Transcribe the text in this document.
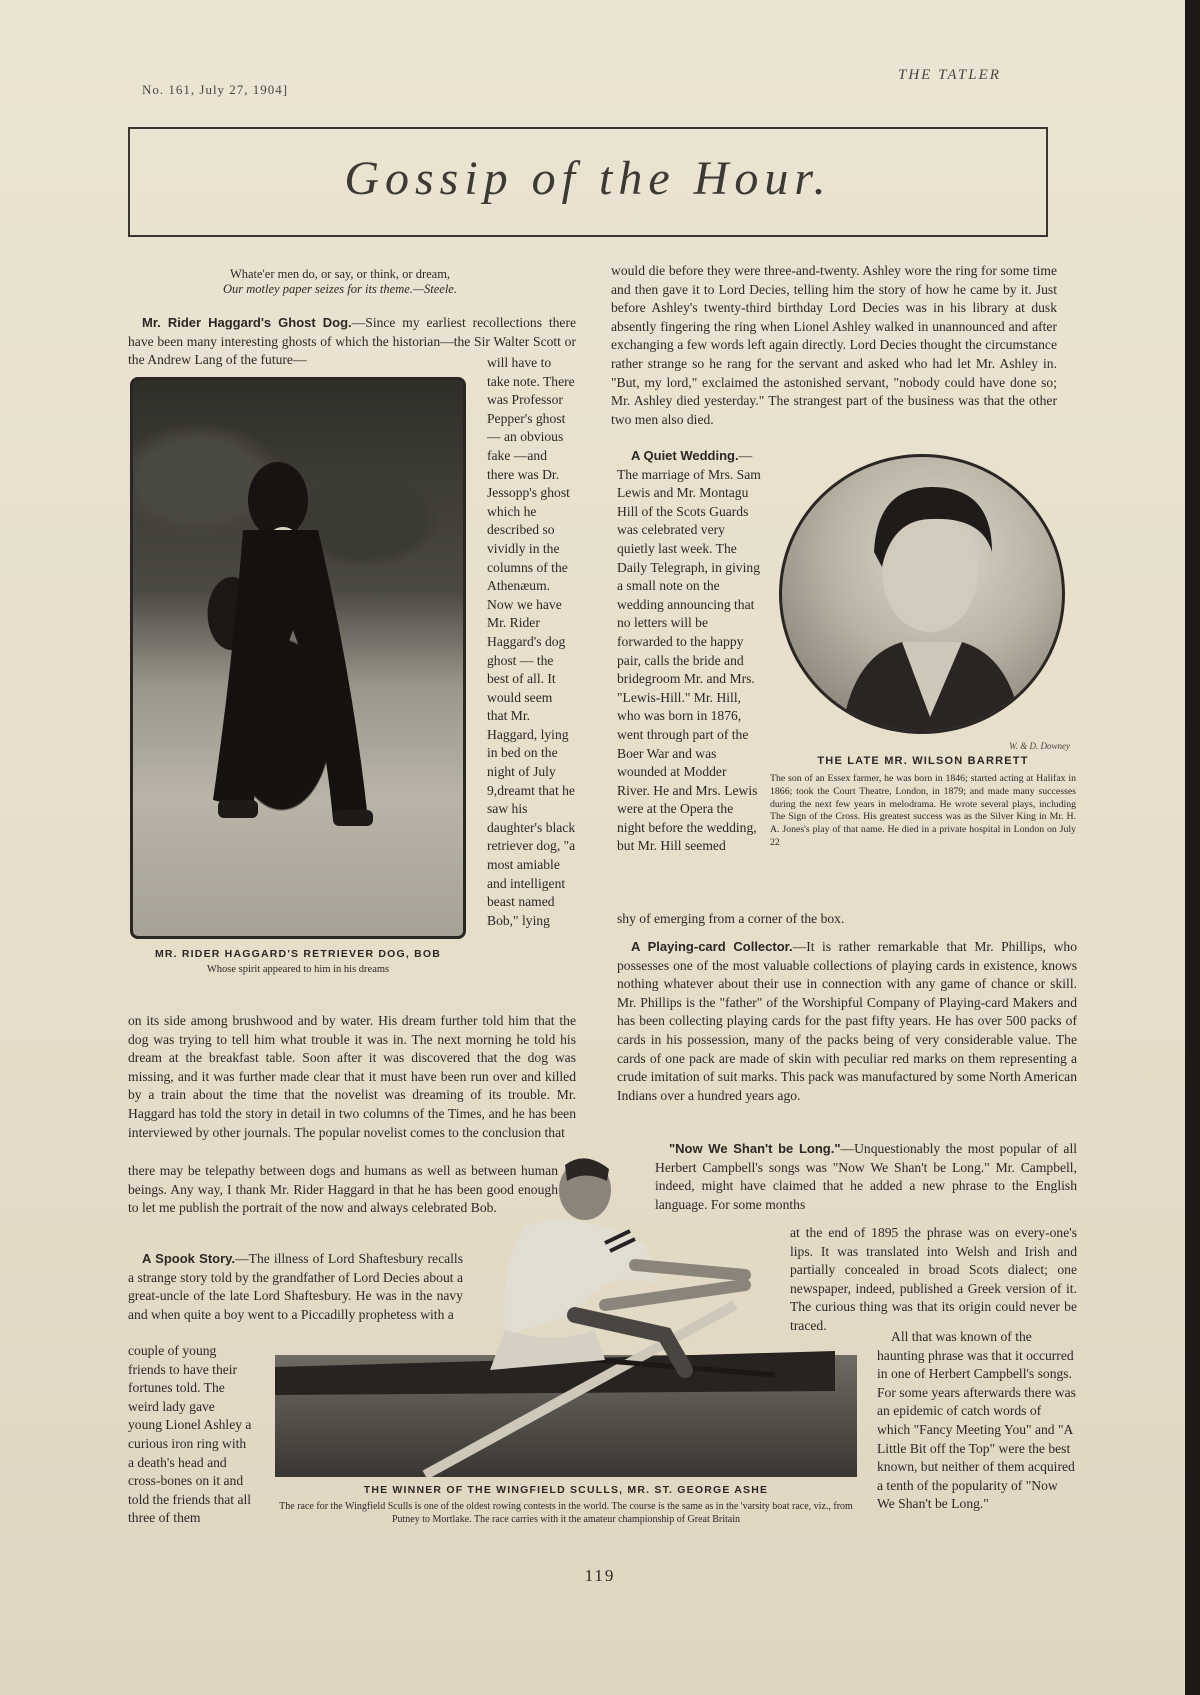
No. 161, July 27, 1904]
THE TATLER
Gossip of the Hour.
Whate'er men do, or say, or think, or dream,
Our motley paper seizes for its theme.—Steele.

Mr. Rider Haggard's Ghost Dog.—Since my earliest recollections there have been many interesting ghosts of which the historian—the Sir Walter Scott or the Andrew Lang of the future—

MR. RIDER HAGGARD'S RETRIEVER DOG, BOB
Whose spirit appeared to him in his dreams

will have to take note. There was Professor Pepper's ghost — an obvious fake —and there was Dr. Jessopp's ghost which he described so vividly in the columns of the Athenæum. Now we have Mr. Rider Haggard's dog ghost — the best of all. It would seem that Mr. Haggard, lying in bed on the night of July 9,dreamt that he saw his daughter's black retriever dog, "a most amiable and intelligent beast named Bob," lying

on its side among brushwood and by water. His dream further told him that the dog was trying to tell him what trouble it was in. The next morning he told his dream at the breakfast table. Soon after it was discovered that the dog was missing, and it was further made clear that it must have been run over and killed by a train about the time that the novelist was dreaming of its trouble. Mr. Haggard has told the story in detail in two columns of the Times, and he has been interviewed by other journals. The popular novelist comes to the conclusion that

there may be telepathy between dogs and humans as well as between human beings. Any way, I thank Mr. Rider Haggard in that he has been good enough to let me publish the portrait of the now and always celebrated Bob.

A Spook Story.—The illness of Lord Shaftesbury recalls a strange story told by the grandfather of Lord Decies about a great-uncle of the late Lord Shaftesbury. He was in the navy and when quite a boy went to a Piccadilly prophetess with a

couple of young friends to have their fortunes told. The weird lady gave young Lionel Ashley a curious iron ring with a death's head and cross-bones on it and told the friends that all three of them

THE WINNER OF THE WINGFIELD SCULLS, MR. ST. GEORGE ASHE
The race for the Wingfield Sculls is one of the oldest rowing contests in the world. The course is the same as in the 'varsity boat race, viz., from Putney to Mortlake. The race carries with it the amateur championship of Great Britain

would die before they were three-and-twenty. Ashley wore the ring for some time and then gave it to Lord Decies, telling him the story of how he came by it. Just before Ashley's twenty-third birthday Lord Decies was in his library at dusk absently fingering the ring when Lionel Ashley walked in unannounced and after exchanging a few words left again directly. Lord Decies thought the circumstance rather strange so he rang for the servant and asked who had let Mr. Ashley in. "But, my lord," exclaimed the astonished servant, "nobody could have done so; Mr. Ashley died yesterday." The strangest part of the business was that the other two men also died.

A Quiet Wedding.—The marriage of Mrs. Sam Lewis and Mr. Montagu Hill of the Scots Guards was celebrated very quietly last week. The Daily Telegraph, in giving a small note on the wedding announcing that no letters will be forwarded to the happy pair, calls the bride and bridegroom Mr. and Mrs. "Lewis-Hill." Mr. Hill, who was born in 1876, went through part of the Boer War and was wounded at Modder River. He and Mrs. Lewis were at the Opera the night before the wedding, but Mr. Hill seemed

shy of emerging from a corner of the box.

W. & D. Downey
THE LATE MR. WILSON BARRETT
The son of an Essex farmer, he was born in 1846; started acting at Halifax in 1866; took the Court Theatre, London, in 1879; and made many successes during the next few years in melodrama. He wrote several plays, including The Sign of the Cross. His greatest success was as the Silver King in Mr. H. A. Jones's play of that name. He died in a private hospital in London on July 22

A Playing-card Collector.—It is rather remarkable that Mr. Phillips, who possesses one of the most valuable collections of playing cards in existence, knows nothing whatever about their use in connection with any game of chance or skill. Mr. Phillips is the "father" of the Worshipful Company of Playing-card Makers and has been collecting playing cards for the past fifty years. He has over 500 packs of cards in his possession, many of the packs being of very considerable value. The cards of one pack are made of skin with peculiar red marks on them representing a crude imitation of suit marks. This pack was manufactured by some North American Indians over a hundred years ago.

"Now We Shan't be Long."—Unquestionably the most popular of all Herbert Campbell's songs was "Now We Shan't be Long." Mr. Campbell, indeed, might have claimed that he added a new phrase to the English language. For some months

at the end of 1895 the phrase was on every-one's lips. It was translated into Welsh and Irish and partially concealed in broad Scots dialect; one newspaper, indeed, published a Greek version of it. The curious thing was that its origin could never be traced.

All that was known of the haunting phrase was that it occurred in one of Herbert Campbell's songs. For some years afterwards there was an epidemic of catch words of which "Fancy Meeting You" and "A Little Bit off the Top" were the best known, but neither of them acquired a tenth of the popularity of "Now We Shan't be Long."

119
